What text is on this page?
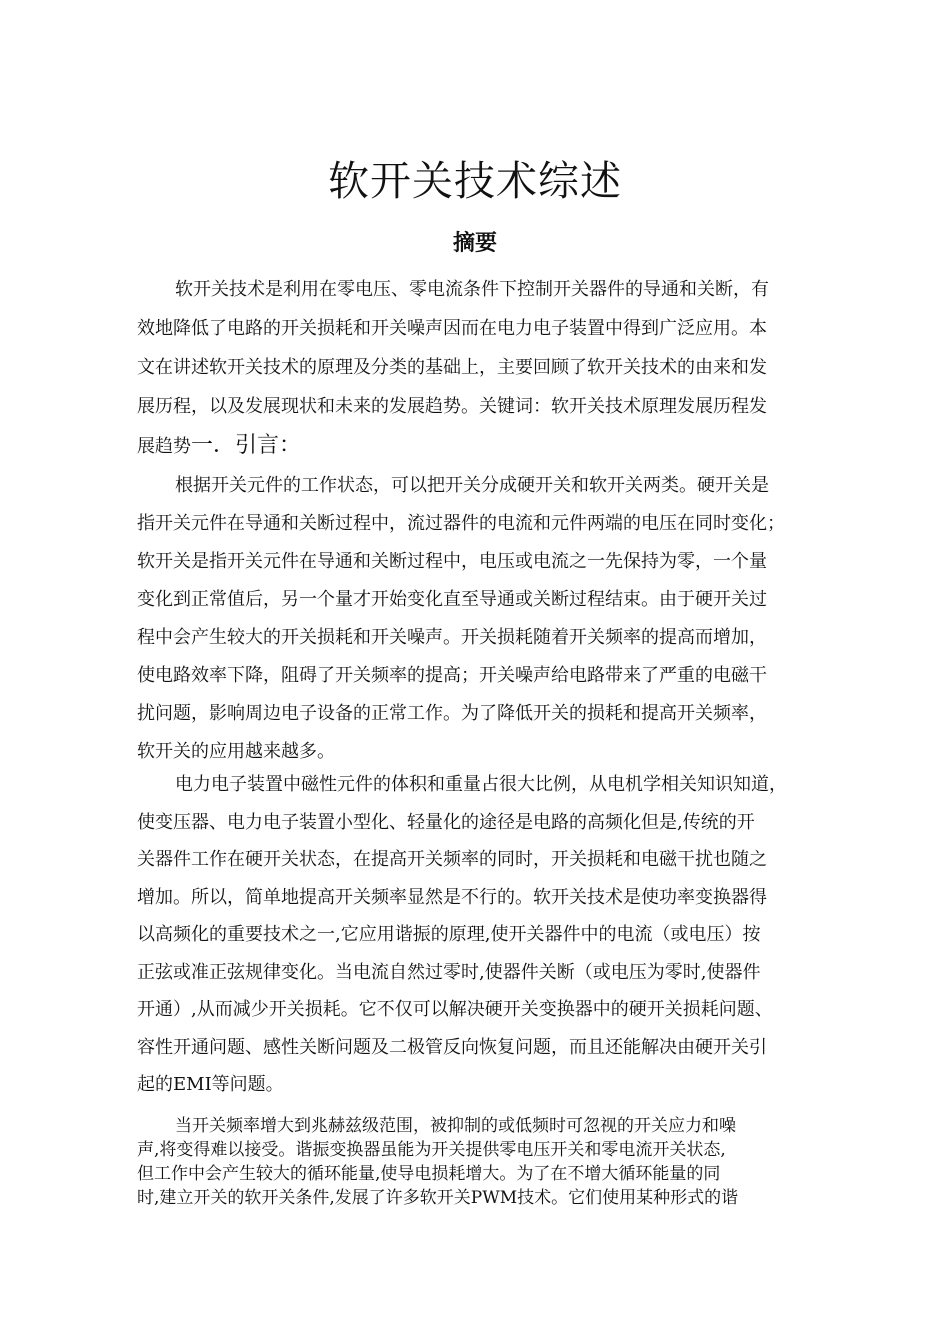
软开关技术综述
摘要
软开关技术是利用在零电压、零电流条件下控制开关器件的导通和关断，有
效地降低了电路的开关损耗和开关噪声因而在电力电子装置中得到广泛应用。本
文在讲述软开关技术的原理及分类的基础上，主要回顾了软开关技术的由来和发
展历程，以及发展现状和未来的发展趋势。关键词：软开关技术原理发展历程发
展趋势一．引言：
根据开关元件的工作状态，可以把开关分成硬开关和软开关两类。硬开关是
指开关元件在导通和关断过程中，流过器件的电流和元件两端的电压在同时变化；
软开关是指开关元件在导通和关断过程中，电压或电流之一先保持为零，一个量
变化到正常值后，另一个量才开始变化直至导通或关断过程结束。由于硬开关过
程中会产生较大的开关损耗和开关噪声。开关损耗随着开关频率的提高而增加，
使电路效率下降，阻碍了开关频率的提高；开关噪声给电路带来了严重的电磁干
扰问题，影响周边电子设备的正常工作。为了降低开关的损耗和提高开关频率，
软开关的应用越来越多。
电力电子装置中磁性元件的体积和重量占很大比例，从电机学相关知识知道，
使变压器、电力电子装置小型化、轻量化的途径是电路的高频化但是,传统的开
关器件工作在硬开关状态，在提高开关频率的同时，开关损耗和电磁干扰也随之
增加。所以，简单地提高开关频率显然是不行的。软开关技术是使功率变换器得
以高频化的重要技术之一,它应用谐振的原理,使开关器件中的电流（或电压）按
正弦或准正弦规律变化。当电流自然过零时,使器件关断（或电压为零时,使器件
开通）,从而减少开关损耗。它不仅可以解决硬开关变换器中的硬开关损耗问题、
容性开通问题、感性关断问题及二极管反向恢复问题，而且还能解决由硬开关引
起的EMI等问题。
当开关频率增大到兆赫兹级范围，被抑制的或低频时可忽视的开关应力和噪
声,将变得难以接受。谐振变换器虽能为开关提供零电压开关和零电流开关状态,
但工作中会产生较大的循环能量,使导电损耗增大。为了在不增大循环能量的同
时,建立开关的软开关条件,发展了许多软开关PWM技术。它们使用某种形式的谐
